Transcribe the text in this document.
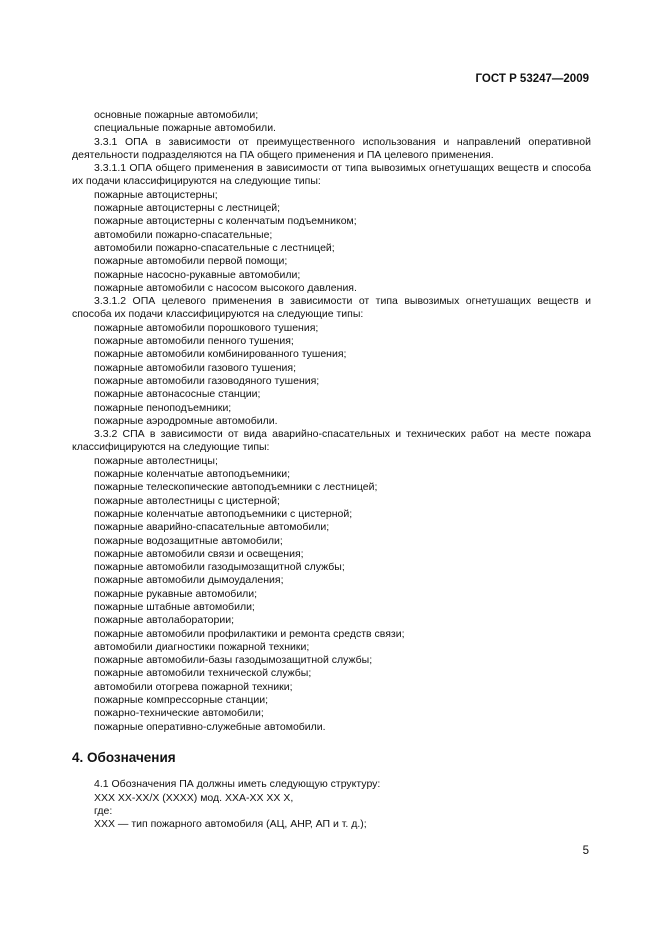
ГОСТ Р 53247—2009
основные пожарные автомобили;
специальные пожарные автомобили.
3.3.1 ОПА в зависимости от преимущественного использования и направлений оперативной деятельности подразделяются на ПА общего применения и ПА целевого применения.
3.3.1.1 ОПА общего применения в зависимости от типа вывозимых огнетушащих веществ и способа их подачи классифицируются на следующие типы:
пожарные автоцистерны;
пожарные автоцистерны с лестницей;
пожарные автоцистерны с коленчатым подъемником;
автомобили пожарно-спасательные;
автомобили пожарно-спасательные с лестницей;
пожарные автомобили первой помощи;
пожарные насосно-рукавные автомобили;
пожарные автомобили с насосом высокого давления.
3.3.1.2 ОПА целевого применения в зависимости от типа вывозимых огнетушащих веществ и способа их подачи классифицируются на следующие типы:
пожарные автомобили порошкового тушения;
пожарные автомобили пенного тушения;
пожарные автомобили комбинированного тушения;
пожарные автомобили газового тушения;
пожарные автомобили газоводяного тушения;
пожарные автонасосные станции;
пожарные пеноподъемники;
пожарные аэродромные автомобили.
3.3.2 СПА в зависимости от вида аварийно-спасательных и технических работ на месте пожара классифицируются на следующие типы:
пожарные автолестницы;
пожарные коленчатые автоподъемники;
пожарные телескопические автоподъемники с лестницей;
пожарные автолестницы с цистерной;
пожарные коленчатые автоподъемники с цистерной;
пожарные аварийно-спасательные автомобили;
пожарные водозащитные автомобили;
пожарные автомобили связи и освещения;
пожарные автомобили газодымозащитной службы;
пожарные автомобили дымоудаления;
пожарные рукавные автомобили;
пожарные штабные автомобили;
пожарные автолаборатории;
пожарные автомобили профилактики и ремонта средств связи;
автомобили диагностики пожарной техники;
пожарные автомобили-базы газодымозащитной службы;
пожарные автомобили технической службы;
автомобили отогрева пожарной техники;
пожарные компрессорные станции;
пожарно-технические автомобили;
пожарные оперативно-служебные автомобили.
4. Обозначения
4.1 Обозначения ПА должны иметь следующую структуру:
ХХХ ХХ-ХХ/Х (ХХХХ) мод. ХХА-ХХ ХХ Х,
где:
ХХХ — тип пожарного автомобиля (АЦ, АНР, АП и т. д.);
5
